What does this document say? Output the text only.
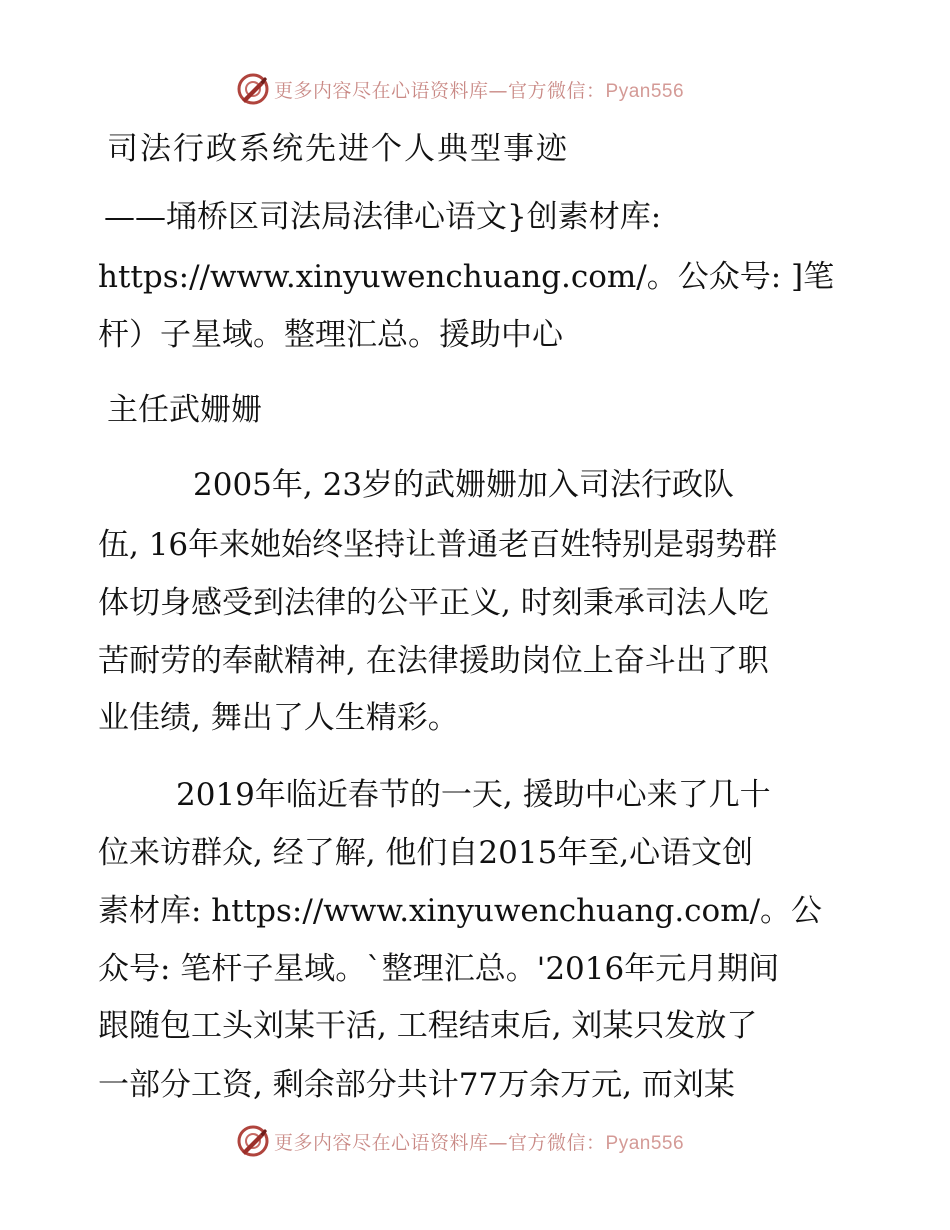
更多内容尽在心语资料库—官方微信：Pyan556
司法行政系统先进个人典型事迹
——埇桥区司法局法律心语文}创素材库:
https://www.xinyuwenchuang.com/。公众号: ]笔
杆）子星域。整理汇总。援助中心
主任武姗姗
2005年, 23岁的武姗姗加入司法行政队
伍, 16年来她始终坚持让普通老百姓特别是弱势群
体切身感受到法律的公平正义, 时刻秉承司法人吃
苦耐劳的奉献精神, 在法律援助岗位上奋斗出了职
业佳绩, 舞出了人生精彩。
2019年临近春节的一天, 援助中心来了几十
位来访群众, 经了解, 他们自2015年至,心语文创
素材库: https://www.xinyuwenchuang.com/。公
众号: 笔杆子星域。`整理汇总。'2016年元月期间
跟随包工头刘某干活, 工程结束后, 刘某只发放了
一部分工资, 剩余部分共计77万余万元, 而刘某
更多内容尽在心语资料库—官方微信：Pyan556
